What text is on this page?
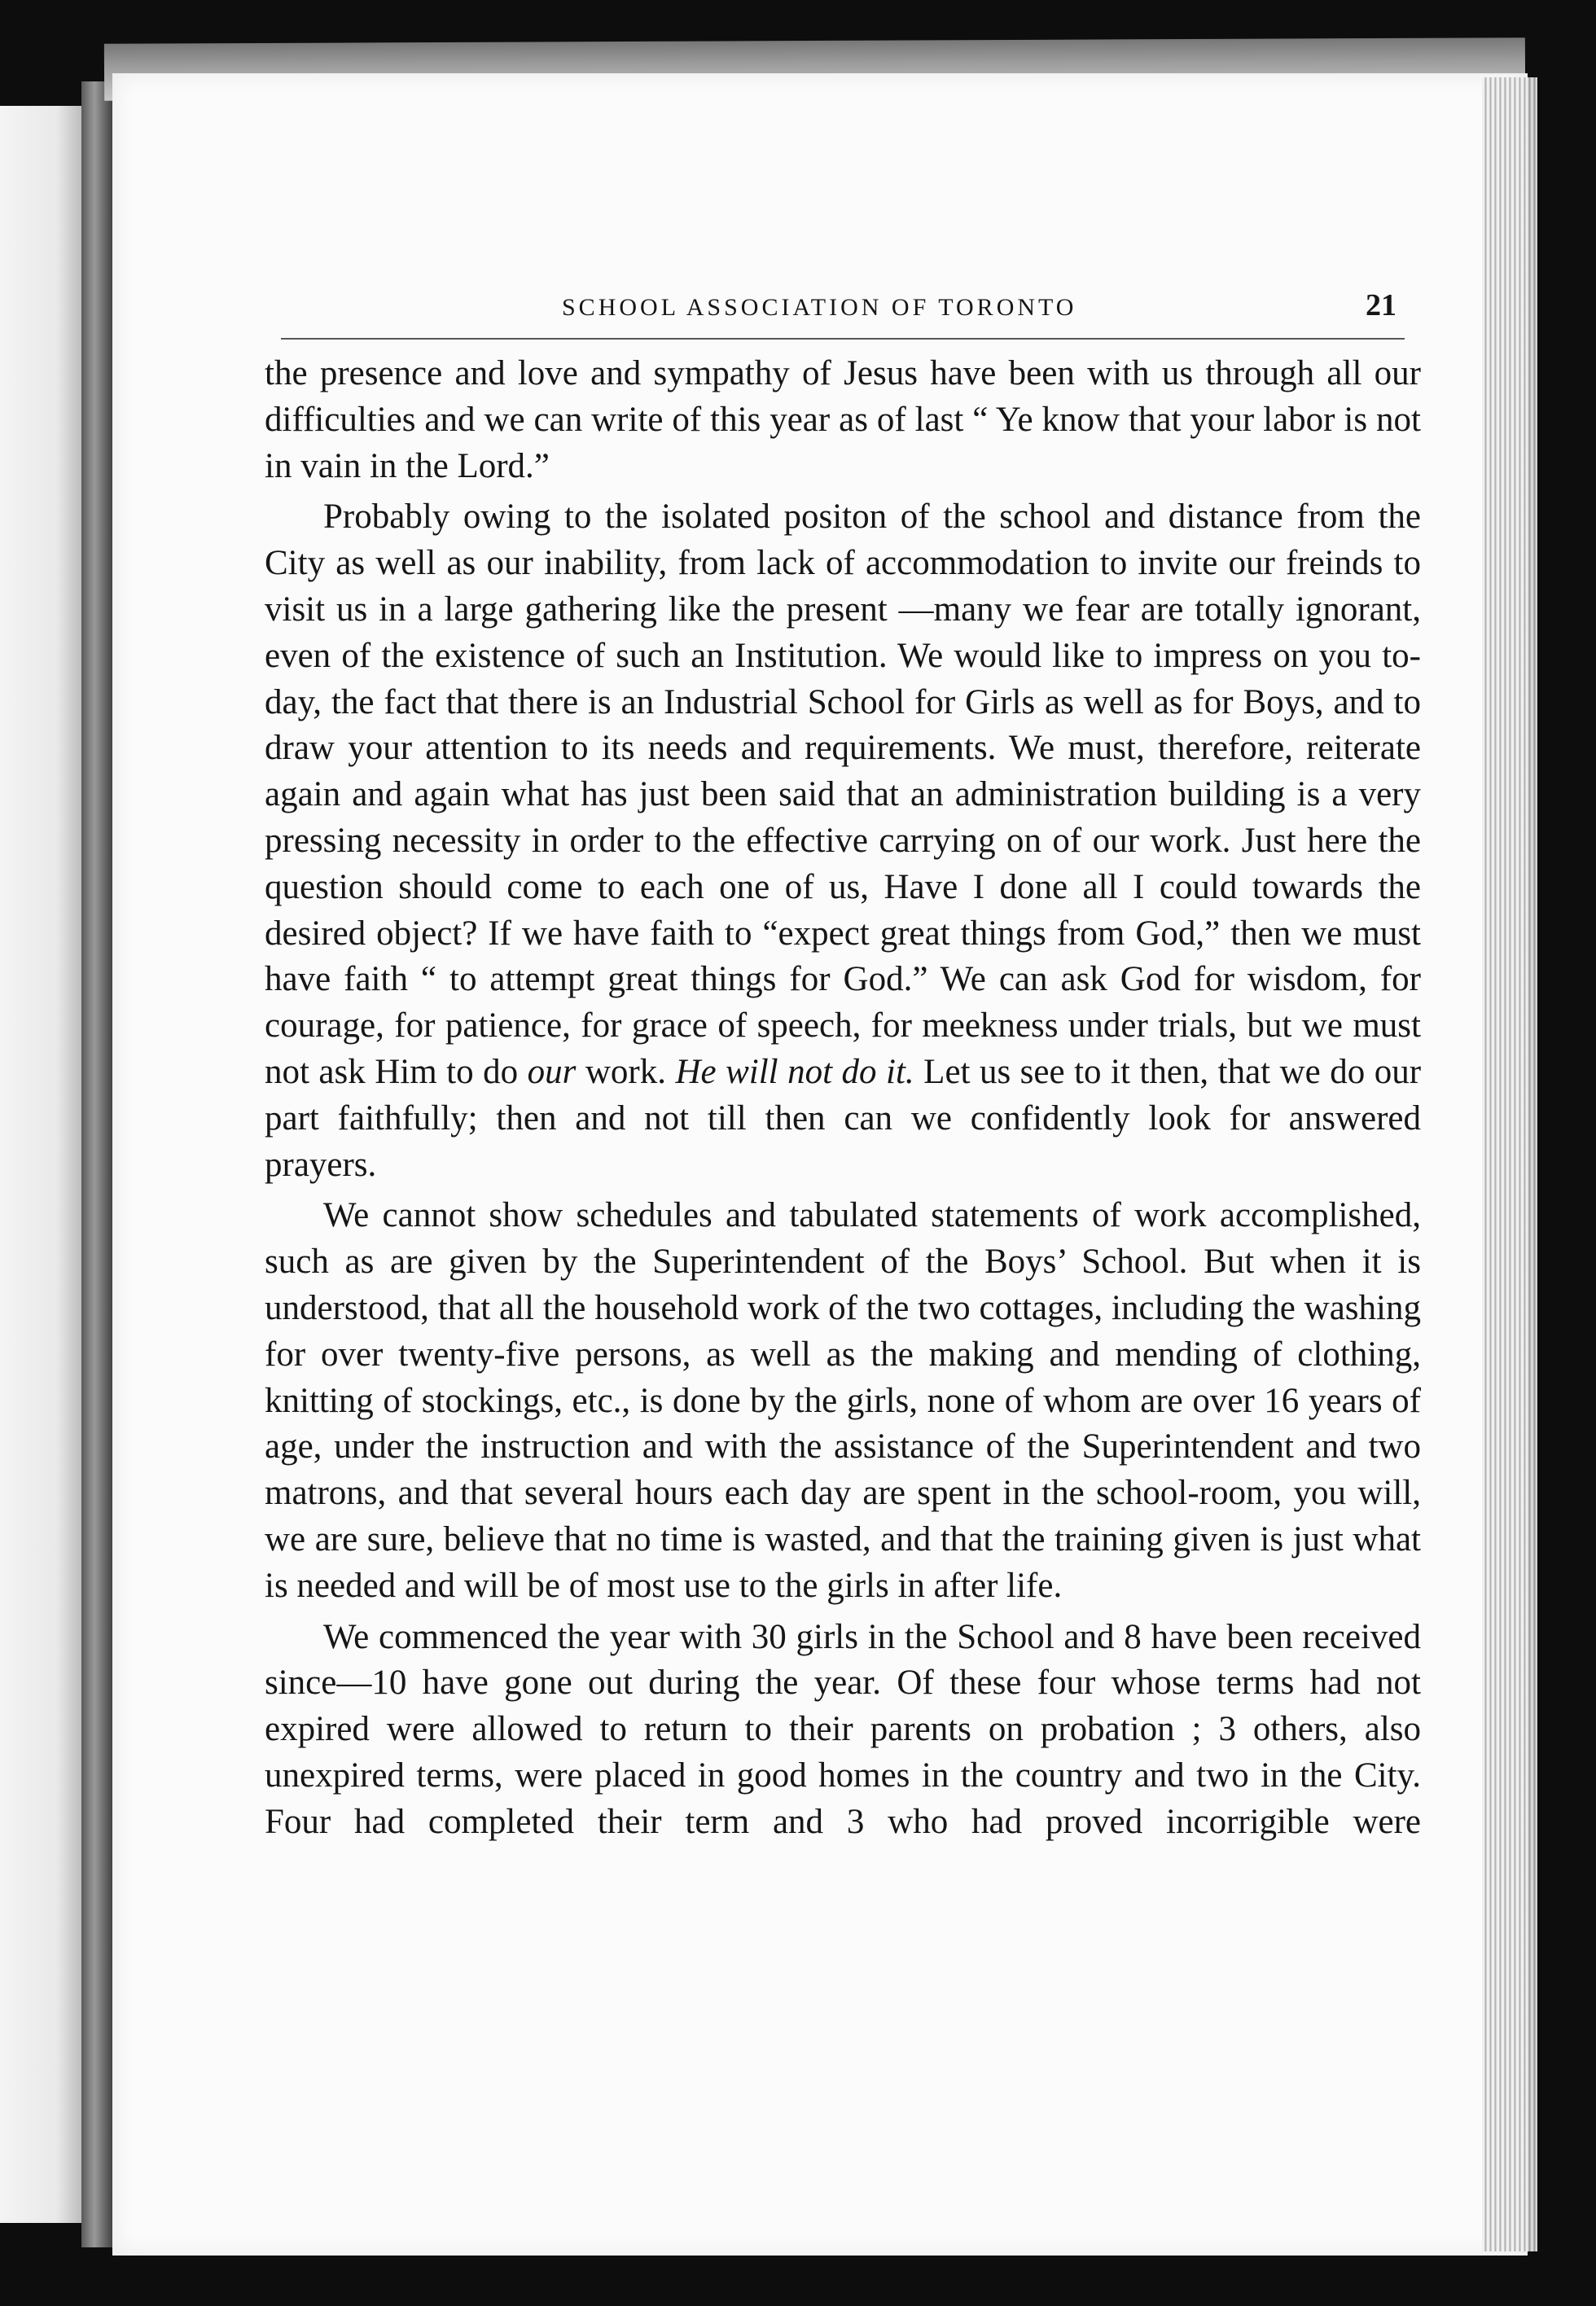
SCHOOL ASSOCIATION OF TORONTO	21

the presence and love and sympathy of Jesus have been with us through all our difficulties and we can write of this year as of last “ Ye know that your labor is not in vain in the Lord.”

Probably owing to the isolated positon of the school and distance from the City as well as our inability, from lack of accommodation to invite our freinds to visit us in a large gathering like the present —many we fear are totally ignorant, even of the existence of such an Institution. We would like to impress on you to-day, the fact that there is an Industrial School for Girls as well as for Boys, and to draw your attention to its needs and requirements. We must, therefore, reiterate again and again what has just been said that an administration building is a very pressing necessity in order to the effective carrying on of our work. Just here the question should come to each one of us, Have I done all I could towards the desired object? If we have faith to “expect great things from God,” then we must have faith “ to attempt great things for God.” We can ask God for wisdom, for courage, for patience, for grace of speech, for meekness under trials, but we must not ask Him to do our work. He will not do it. Let us see to it then, that we do our part faithfully; then and not till then can we confidently look for answered prayers.

We cannot show schedules and tabulated statements of work accomplished, such as are given by the Superintendent of the Boys’ School. But when it is understood, that all the household work of the two cottages, including the washing for over twenty-five persons, as well as the making and mending of clothing, knitting of stockings, etc., is done by the girls, none of whom are over 16 years of age, under the instruction and with the assistance of the Superintendent and two matrons, and that several hours each day are spent in the school-room, you will, we are sure, believe that no time is wasted, and that the training given is just what is needed and will be of most use to the girls in after life.

We commenced the year with 30 girls in the School and 8 have been received since—10 have gone out during the year. Of these four whose terms had not expired were allowed to return to their parents on probation ; 3 others, also unexpired terms, were placed in good homes in the country and two in the City. Four had completed their term and 3 who had proved incorrigible were
